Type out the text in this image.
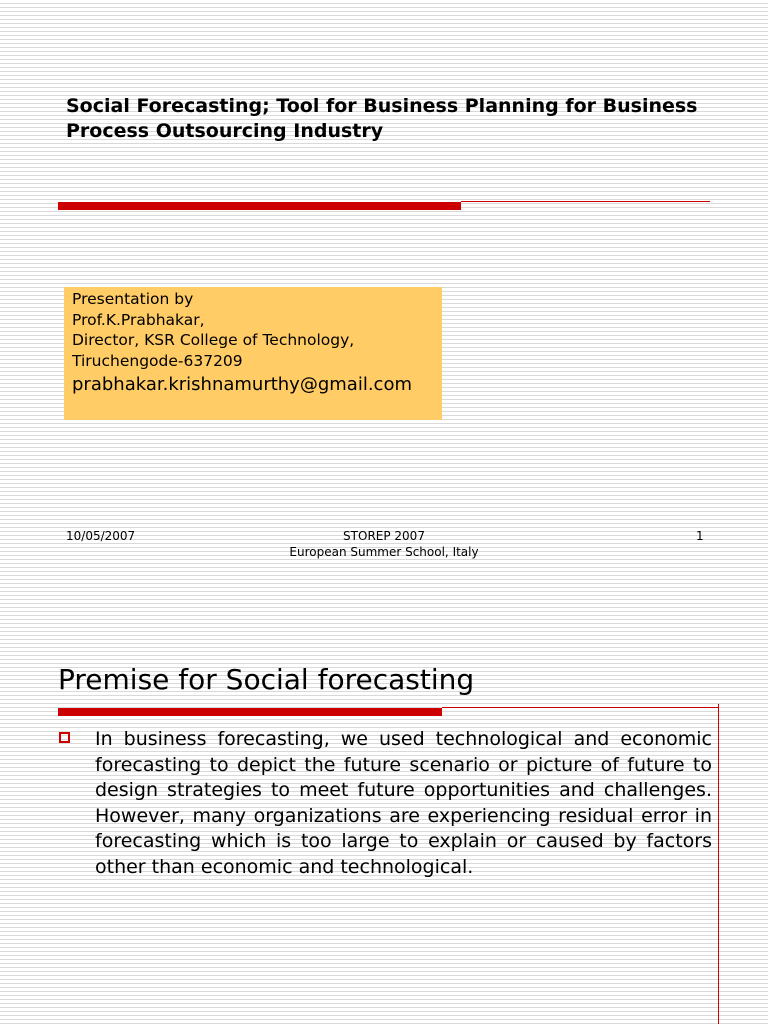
Social Forecasting; Tool for Business Planning for Business Process Outsourcing Industry
Presentation by
Prof.K.Prabhakar,
Director, KSR College of Technology,
Tiruchengode-637209
prabhakar.krishnamurthy@gmail.com
10/05/2007	STOREP 2007
European Summer School, Italy
1
Premise for Social forecasting

In business forecasting, we used technological and economic forecasting to depict the future scenario or picture of future to design strategies to meet future opportunities and challenges. However, many organizations are experiencing residual error in forecasting which is too large to explain or caused by factors other than economic and technological.
